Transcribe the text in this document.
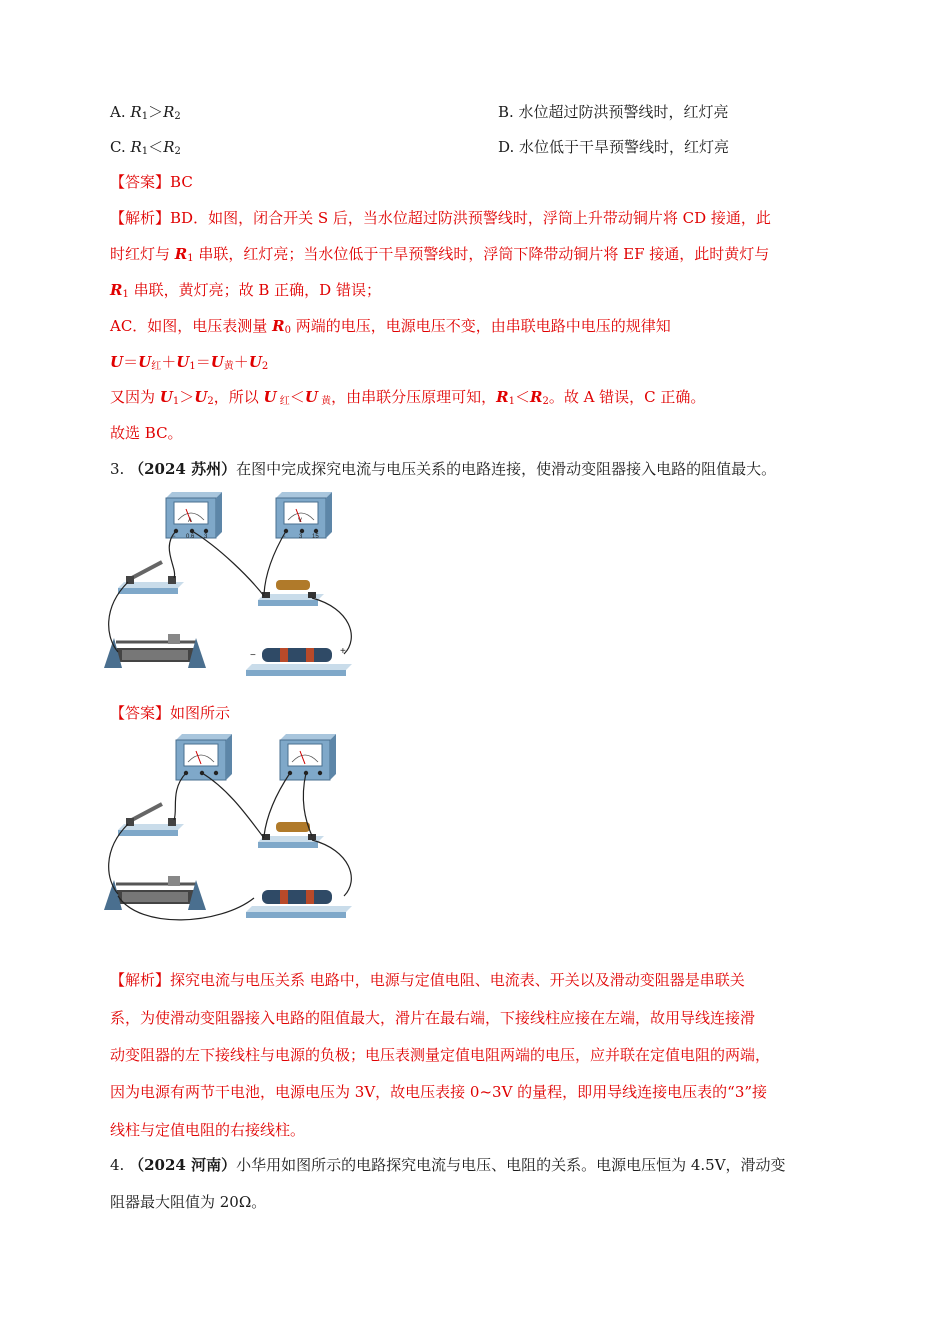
A. $R_1>R_2$	B. 水位超过防洪预警线时，红灯亮
C. $R_1<R_2$	D. 水位低于干旱预警线时，红灯亮
【答案】BC
【解析】BD．如图，闭合开关 S 后，当水位超过防洪预警线时，浮筒上升带动铜片将 CD 接通，此
时红灯与 $R_1$ 串联，红灯亮；当水位低于干旱预警线时，浮筒下降带动铜片将 EF 接通，此时黄灯与
$R_1$ 串联，黄灯亮；故 B 正确，D 错误；
AC．如图，电压表测量 $R_0$ 两端的电压，电源电压不变，由串联电路中电压的规律知
U＝U红$+U_1=U$黄$+U_2$
又因为 $U_1>U_2$，所以 U 红＜U 黄，由串联分压原理可知，$R_1<R_2$。故 A 错误，C 正确。
故选 BC。
3. （2024 苏州）在图中完成探究电流与电压关系的电路连接，使滑动变阻器接入电路的阻值最大。
A
− 0.6 3
V
− 3 15
−	+
【答案】如图所示
【解析】探究电流与电压关系 电路中，电源与定值电阻、电流表、开关以及滑动变阻器是串联关
系，为使滑动变阻器接入电路的阻值最大，滑片在最右端，下接线柱应接在左端，故用导线连接滑
动变阻器的左下接线柱与电源的负极；电压表测量定值电阻两端的电压，应并联在定值电阻的两端，
因为电源有两节干电池，电源电压为 3V，故电压表接 0~3V 的量程，即用导线连接电压表的“3”接
线柱与定值电阻的右接线柱。
4. （2024 河南）小华用如图所示的电路探究电流与电压、电阻的关系。电源电压恒为 4.5V，滑动变
阻器最大阻值为 20Ω。
